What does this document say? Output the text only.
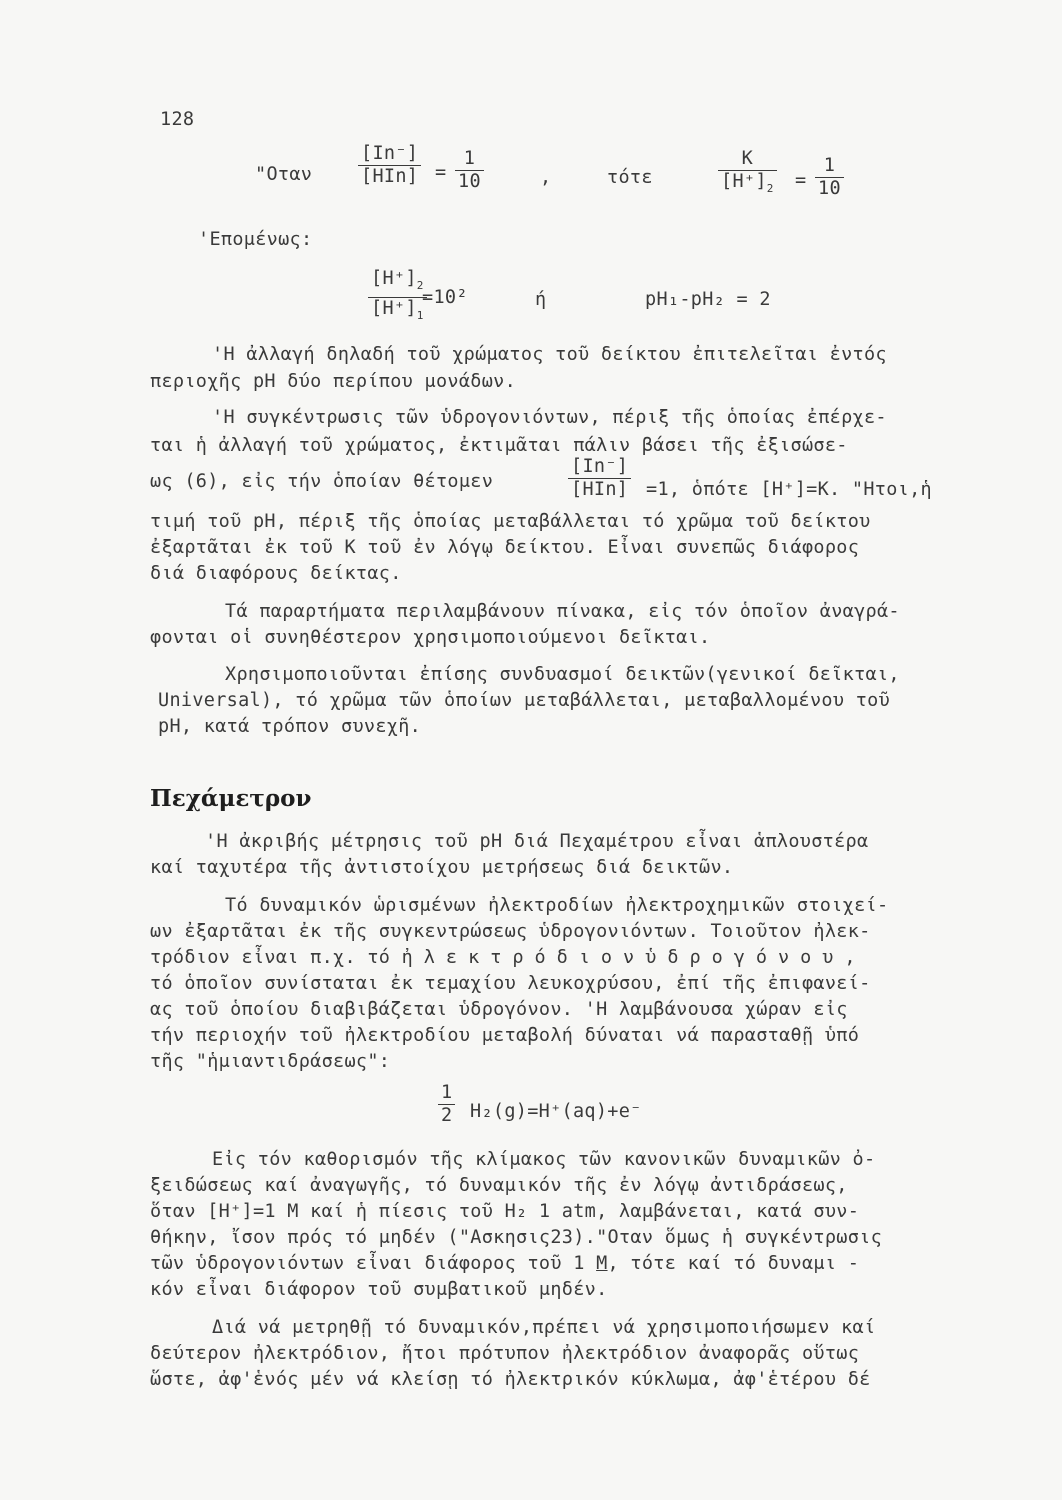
128
"$O\tau\alpha\nu \frac{[In^-]}{\text{[HIn]}} = \frac{1}{10}$	,	τότε	$\frac{K}{[H^+]_2} = \frac{1}{10}$
'Επομένως:
$\frac{[H^+]_2}{[H^+]_1}$
=10²	ή	pH₁-pH₂ = 2
'Η ἀλλαγή δηλαδή τοῦ χρώματος τοῦ δείκτου ἐπιτελεῖται ἐντός
περιοχῆς pH δύο περίπου μονάδων.
'Η συγκέντρωσις τῶν ὑδρογονιόντων, πέριξ τῆς ὁποίας ἐπέρχε-
ται ἡ ἀλλαγή τοῦ χρώματος, ἐκτιμᾶται πάλιν βάσει τῆς ἐξισώσε-
ως (6), εἰς τήν ὁποίαν θέτομεν	$\frac{[In^-]}{\text{[HIn]}} =1$, ὁπότε [H⁺]=K. "Ητοι,ἡ
τιμή τοῦ pH, πέριξ τῆς ὁποίας μεταβάλλεται τό χρῶμα τοῦ δείκτου
ἐξαρτᾶται ἐκ τοῦ Κ τοῦ ἐν λόγῳ δείκτου. Εἶναι συνεπῶς διάφορος
διά διαφόρους δείκτας.
Τά παραρτήματα περιλαμβάνουν πίνακα, εἰς τόν ὁποῖον ἀναγρά-
φονται οἱ συνηθέστερον χρησιμοποιούμενοι δεῖκται.
Χρησιμοποιοῦνται ἐπίσης συνδυασμοί δεικτῶν(γενικοί δεῖκται,
Universal), τό χρῶμα τῶν ὁποίων μεταβάλλεται, μεταβαλλομένου τοῦ
pH, κατά τρόπον συνεχῆ.
Πεχάμετρον
'Η ἀκριβής μέτρησις τοῦ pH διά Πεχαμέτρου εἶναι ἁπλουστέρα
καί ταχυτέρα τῆς ἀντιστοίχου μετρήσεως διά δεικτῶν.
Τό δυναμικόν ὡρισμένων ἠλεκτροδίων ἠλεκτροχημικῶν στοιχεί-
ων ἐξαρτᾶται ἐκ τῆς συγκεντρώσεως ὑδρογονιόντων. Τοιοῦτον ἠλεκ-
τρόδιον εἶναι π.χ. τό ἠλεκτρόδιονὑδρογόνου,
τό ὁποῖον συνίσταται ἐκ τεμαχίου λευκοχρύσου, ἐπί τῆς ἐπιφανεί-
ας τοῦ ὁποίου διαβιβάζεται ὑδρογόνον. 'Η λαμβάνουσα χώραν εἰς
τήν περιοχήν τοῦ ἠλεκτροδίου μεταβολή δύναται νά παρασταθῇ ὑπό
τῆς "ἡμιαντιδράσεως":
$\frac{1}{2} H_2(g)=H^+(aq)+e^-$
Εἰς τόν καθορισμόν τῆς κλίμακος τῶν κανονικῶν δυναμικῶν ὀ-
ξειδώσεως καί ἀναγωγῆς, τό δυναμικόν τῆς ἐν λόγῳ ἀντιδράσεως,
ὅταν [H⁺]=1 M καί ἡ πίεσις τοῦ H₂ 1 atm, λαμβάνεται, κατά συν-
θήκην, ἴσον πρός τό μηδέν ("Ασκησις23)."Οταν ὅμως ἡ συγκέντρωσις
τῶν ὑδρογονιόντων εἶναι διάφορος τοῦ 1 M, τότε καί τό δυναμι -
κόν εἶναι διάφορον τοῦ συμβατικοῦ μηδέν.
Διά νά μετρηθῇ τό δυναμικόν,πρέπει νά χρησιμοποιήσωμεν καί
δεύτερον ἠλεκτρόδιον, ἤτοι πρότυπον ἠλεκτρόδιον ἀναφορᾶς οὕτως
ὥστε, ἀφ'ἑνός μέν νά κλείσῃ τό ἠλεκτρικόν κύκλωμα, ἀφ'ἑτέρου δέ
